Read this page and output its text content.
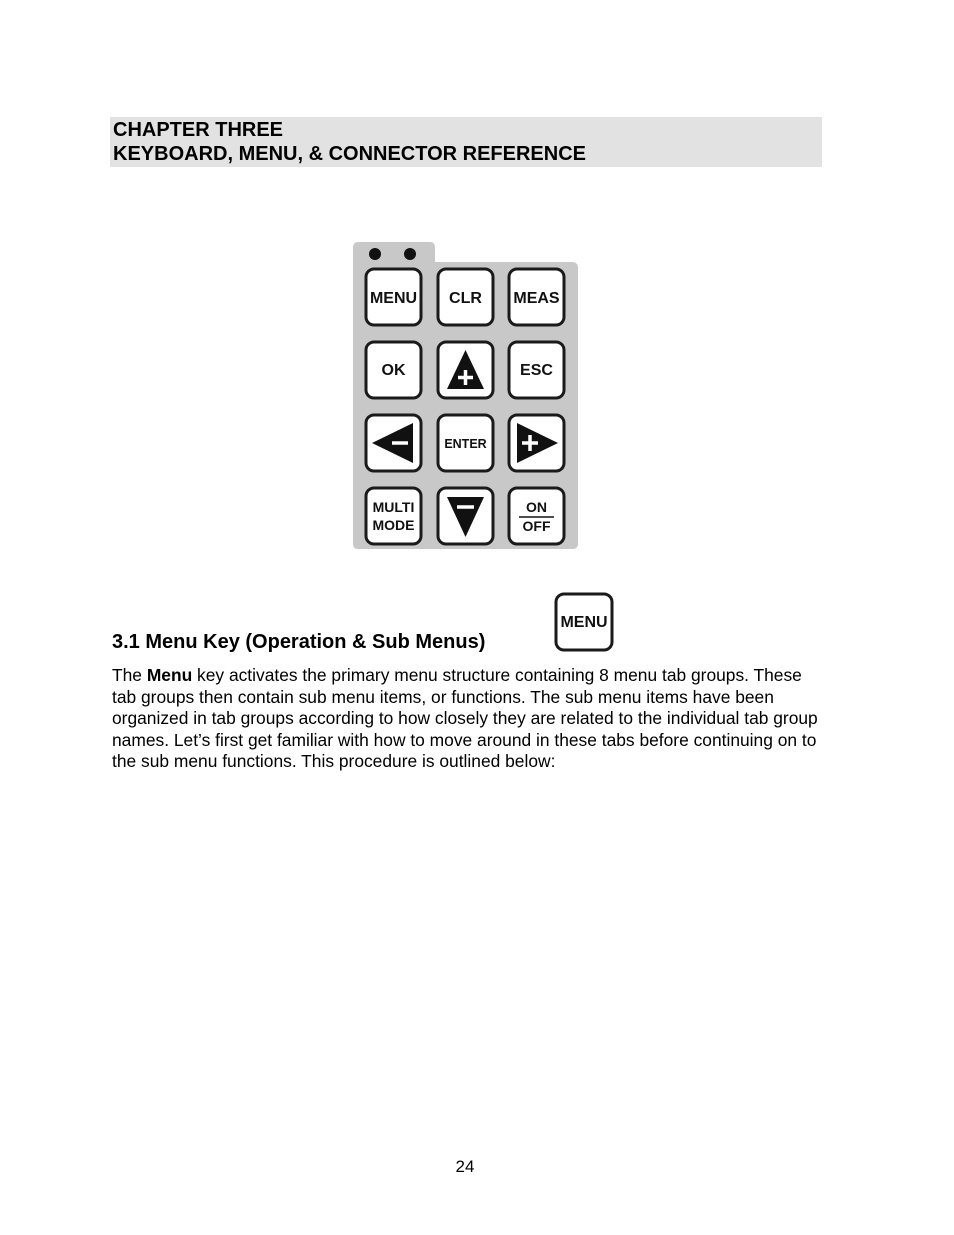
CHAPTER THREE
KEYBOARD, MENU, & CONNECTOR REFERENCE
MENU CLR MEAS
OK	ESC
ENTER
MULTI
MODE
ON
OFF
3.1 Menu Key (Operation & Sub Menus)
MENU
The Menu key activates the primary menu structure containing 8 menu tab groups. These tab groups then contain sub menu items, or functions. The sub menu items have been organized in tab groups according to how closely they are related to the individual tab group names. Let’s first get familiar with how to move around in these tabs before continuing on to the sub menu functions. This procedure is outlined below:
24
